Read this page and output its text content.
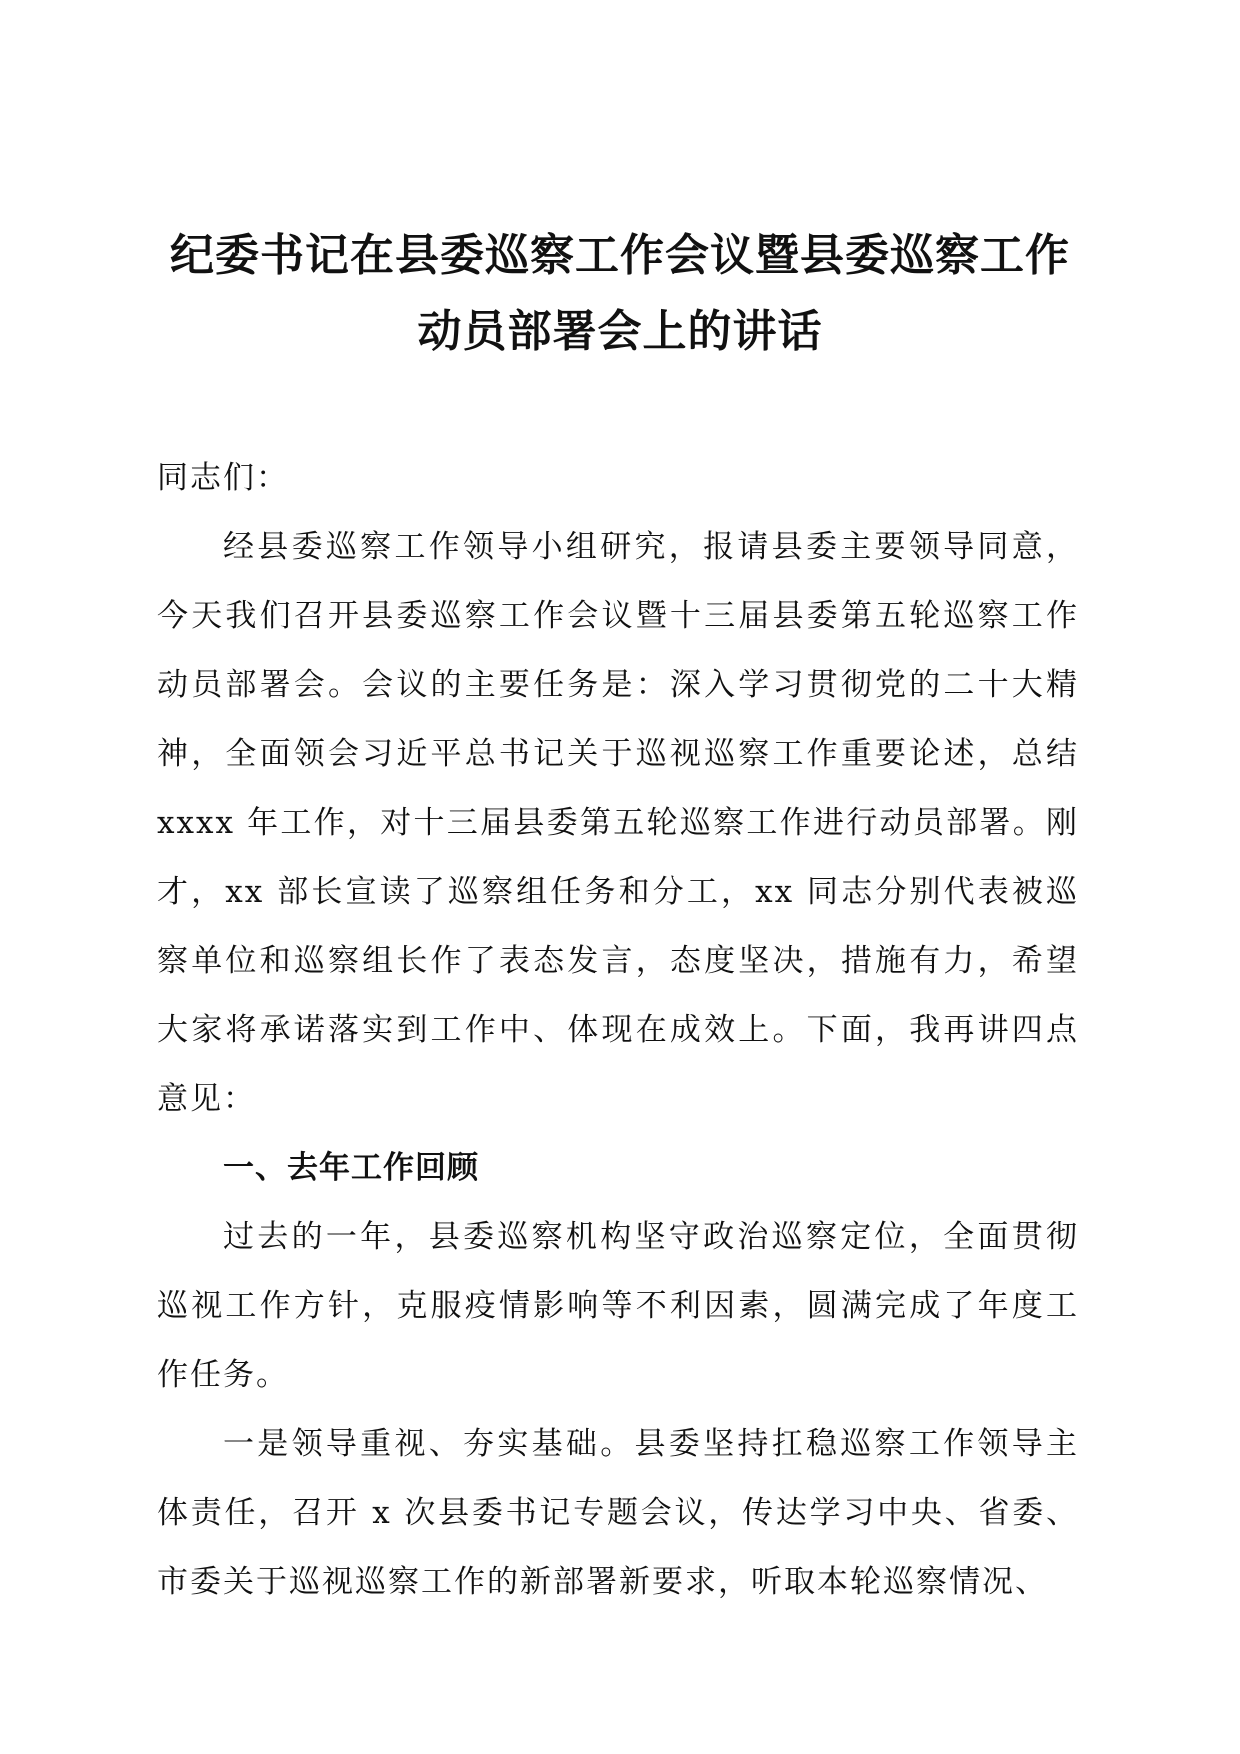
纪委书记在县委巡察工作会议暨县委巡察工作
动员部署会上的讲话

同志们：

经县委巡察工作领导小组研究，报请县委主要领导同意，今天我们召开县委巡察工作会议暨十三届县委第五轮巡察工作动员部署会。会议的主要任务是：深入学习贯彻党的二十大精神，全面领会习近平总书记关于巡视巡察工作重要论述，总结 xxxx 年工作，对十三届县委第五轮巡察工作进行动员部署。刚才，xx 部长宣读了巡察组任务和分工，xx 同志分别代表被巡察单位和巡察组长作了表态发言，态度坚决，措施有力，希望大家将承诺落实到工作中、体现在成效上。下面，我再讲四点意见：

一、去年工作回顾

过去的一年，县委巡察机构坚守政治巡察定位，全面贯彻巡视工作方针，克服疫情影响等不利因素，圆满完成了年度工作任务。

一是领导重视、夯实基础。县委坚持扛稳巡察工作领导主体责任，召开 x 次县委书记专题会议，传达学习中央、省委、市委关于巡视巡察工作的新部署新要求，听取本轮巡察情况、
